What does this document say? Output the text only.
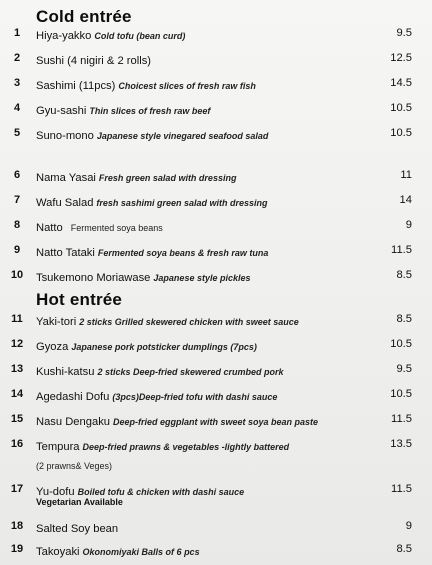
Cold entrée
1	Hiya-yakko Cold tofu (bean curd)	9.5
2	Sushi (4 nigiri & 2 rolls)	12.5
3	Sashimi (11pcs) Choicest slices of fresh raw fish	14.5
4	Gyu-sashi Thin slices of fresh raw beef	10.5
5	Suno-mono Japanese style vinegared seafood salad	10.5
6	Nama Yasai Fresh green salad with dressing	11
7	Wafu Salad fresh sashimi green salad with dressing	14
8	Natto Fermented soya beans	9
9	Natto Tataki Fermented soya beans & fresh raw tuna	11.5
10 Tsukemono Moriawase Japanese style pickles	8.5
Hot entrée
11 Yaki-tori 2 sticks Grilled skewered chicken with sweet sauce	8.5
12 Gyoza Japanese pork potsticker dumplings (7pcs)	10.5
13 Kushi-katsu 2 sticks Deep-fried skewered crumbed pork	9.5
14 Agedashi Dofu (3pcs)Deep-fried tofu with dashi sauce	10.5
15 Nasu Dengaku Deep-fried eggplant with sweet soya bean paste	11.5
16 Tempura Deep-fried prawns & vegetables -lightly battered	13.5
(2 prawns& Veges)
17 Yu-dofu Boiled tofu & chicken with dashi sauce	11.5
Vegetarian Available
18 Salted Soy bean	9
19 Takoyaki Okonomiyaki Balls of 6 pcs	8.5
